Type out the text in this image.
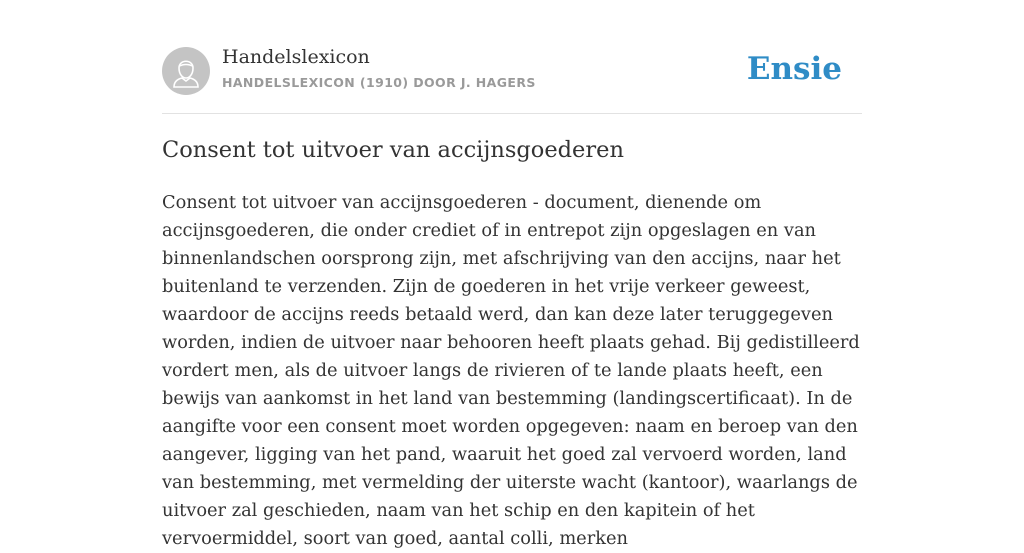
Handelslexicon
HANDELSLEXICON (1910) DOOR J. HAGERS	Ensie
Consent tot uitvoer van accijnsgoederen

Consent tot uitvoer van accijnsgoederen - document, dienende om accijnsgoederen, die onder crediet of in entrepot zijn opgeslagen en van binnenlandschen oorsprong zijn, met afschrijving van den accijns, naar het buitenland te verzenden. Zijn de goederen in het vrije verkeer geweest, waardoor de accijns reeds betaald werd, dan kan deze later teruggegeven worden, indien de uitvoer naar behooren heeft plaats gehad. Bij gedistilleerd vordert men, als de uitvoer langs de rivieren of te lande plaats heeft, een bewijs van aankomst in het land van bestemming (landingscertificaat). In de aangifte voor een consent moet worden opgegeven: naam en beroep van den aangever, ligging van het pand, waaruit het goed zal vervoerd worden, land van bestemming, met vermelding der uiterste wacht (kantoor), waarlangs de uitvoer zal geschieden, naam van het schip en den kapitein of het vervoermiddel, soort van goed, aantal colli, merken
